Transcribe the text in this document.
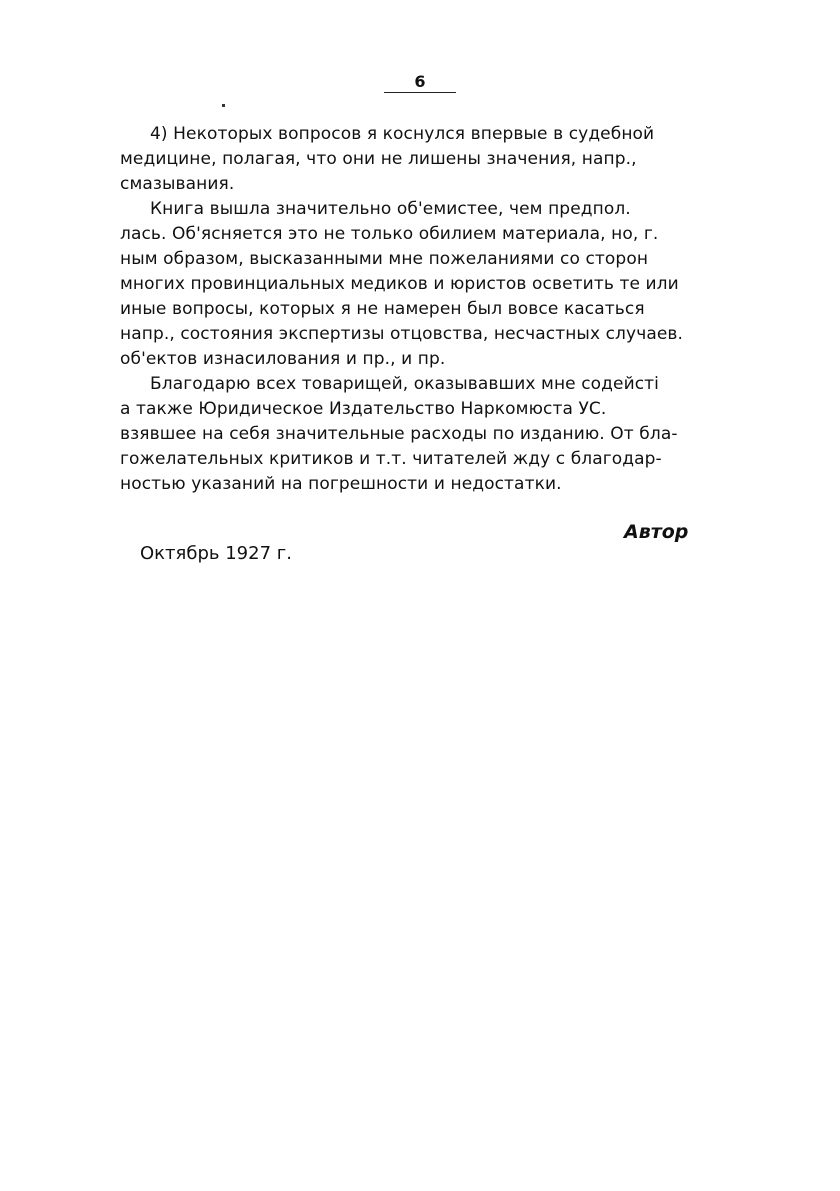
6
4) Некоторых вопросов я коснулся впервые в судебной
медицине, полагая, что они не лишены значения, напр.,
смазывания.
Книга вышла значительно об'емистее, чем предпол.
лась. Об'ясняется это не только обилием материала, но, г.
ным образом, высказанными мне пожеланиями со сторон
многих провинциальных медиков и юристов осветить те или
иные вопросы, которых я не намерен был вовсе касаться
напр., состояния экспертизы отцовства, несчастных случаев.
об'ектов изнасилования и пр., и пр.
Благодарю всех товарищей, оказывавших мне содейсті
а также Юридическое Издательство Наркомюста УС.
взявшее на себя значительные расходы по изданию. От бла-
гожелательных критиков и т.т. читателей жду с благодар-
ностью указаний на погрешности и недостатки.
Автор
Октябрь 1927 г.
